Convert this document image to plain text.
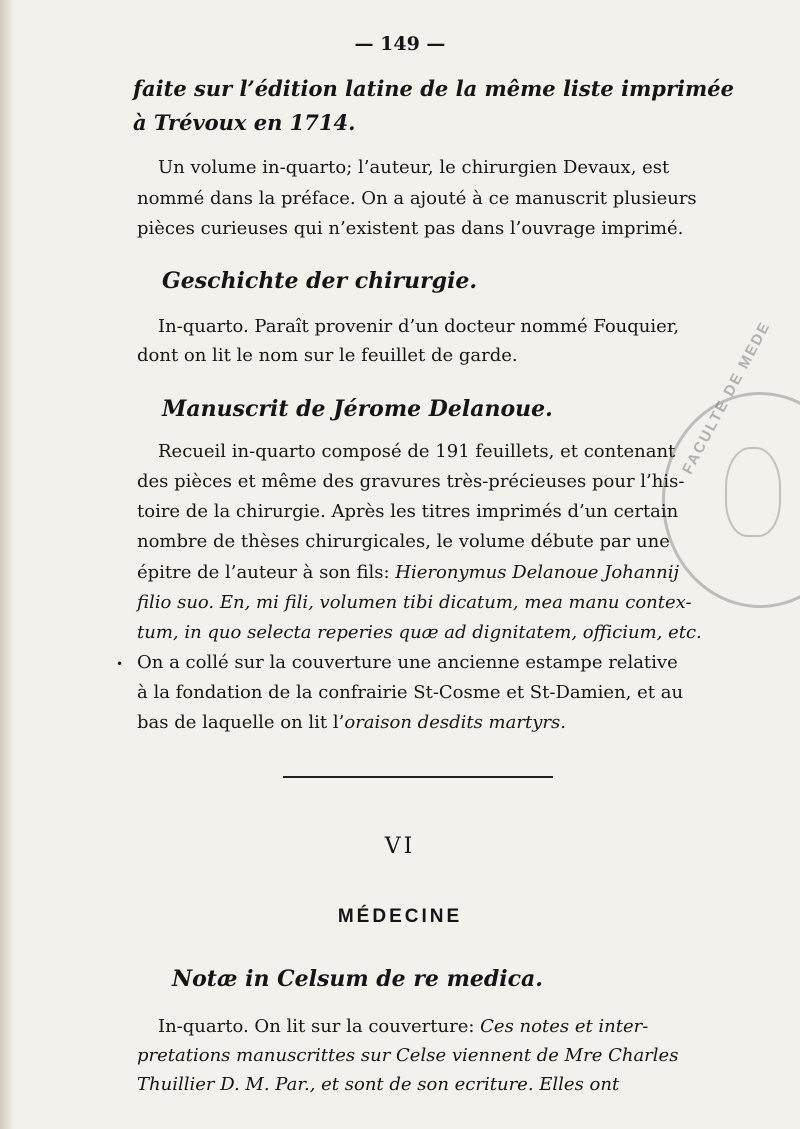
FACULTE DE MEDE
— 149 —
faite sur l’édition latine de la même liste imprimée
à Trévoux en 1714.
Un volume in-quarto; l’auteur, le chirurgien Devaux, est
nommé dans la préface. On a ajouté à ce manuscrit plusieurs
pièces curieuses qui n’existent pas dans l’ouvrage imprimé.
Geschichte der chirurgie.
In-quarto. Paraît provenir d’un docteur nommé Fouquier,
dont on lit le nom sur le feuillet de garde.
Manuscrit de Jérome Delanoue.
Recueil in-quarto composé de 191 feuillets, et contenant
des pièces et même des gravures très-précieuses pour l’his-
toire de la chirurgie. Après les titres imprimés d’un certain
nombre de thèses chirurgicales, le volume débute par une
épitre de l’auteur à son fils: Hieronymus Delanoue Johannij
filio suo. En, mi fili, volumen tibi dicatum, mea manu contex-
tum, in quo selecta reperies quæ ad dignitatem, officium, etc.
• On a collé sur la couverture une ancienne estampe relative
à la fondation de la confrairie St-Cosme et St-Damien, et au
bas de laquelle on lit l’oraison desdits martyrs.
VI
MÉDECINE
Notæ in Celsum de re medica.
In-quarto. On lit sur la couverture: Ces notes et inter-
pretations manuscrittes sur Celse viennent de Mre Charles
Thuillier D. M. Par., et sont de son ecriture. Elles ont
